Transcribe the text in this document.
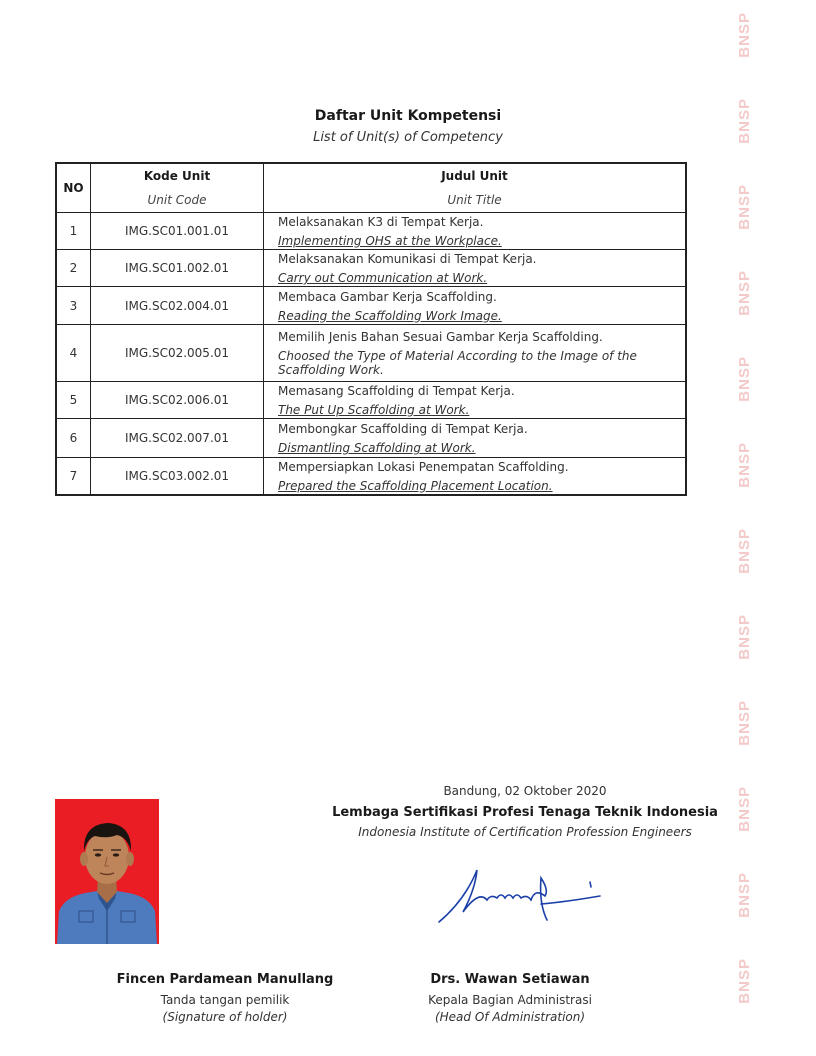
BNSP
BNSP
BNSP
BNSP
BNSP
BNSP
BNSP
BNSP
BNSP
BNSP
BNSP
BNSP
Daftar Unit Kompetensi
List of Unit(s) of Competency
NO	Kode Unit	Judul Unit

	Unit Code	Unit Title

1	IMG.SC01.001.01	Melaksanakan K3 di Tempat Kerja.
Implementing OHS at the Workplace.

2	IMG.SC01.002.01	Melaksanakan Komunikasi di Tempat Kerja.
Carry out Communication at Work.

3	IMG.SC02.004.01	Membaca Gambar Kerja Scaffolding.
Reading the Scaffolding Work Image.

4	IMG.SC02.005.01	Memilih Jenis Bahan Sesuai Gambar Kerja Scaffolding.
Choosed the Type of Material According to the Image of the Scaffolding Work.

5	IMG.SC02.006.01	Memasang Scaffolding di Tempat Kerja.
The Put Up Scaffolding at Work.

6	IMG.SC02.007.01	Membongkar Scaffolding di Tempat Kerja.
Dismantling Scaffolding at Work.

7	IMG.SC03.002.01	Mempersiapkan Lokasi Penempatan Scaffolding.
Prepared the Scaffolding Placement Location.
Bandung, 02 Oktober 2020
Lembaga Sertifikasi Profesi Tenaga Teknik Indonesia
Indonesia Institute of Certification Profession Engineers
Fincen Pardamean Manullang
Tanda tangan pemilik
(Signature of holder)
Drs. Wawan Setiawan
Kepala Bagian Administrasi
(Head Of Administration)
